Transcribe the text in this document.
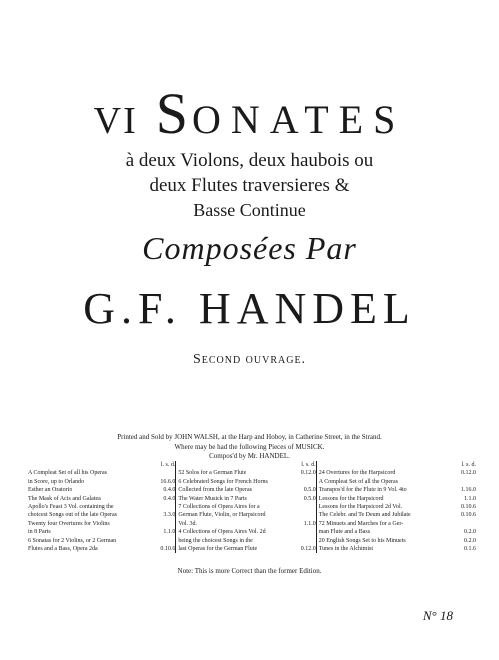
VI S ONATES
à deux Violons, deux haubois ou
deux Flutes traversieres &
Basse Continue
Composées Par
G.F. HANDEL
Second ouvrage.
Printed and Sold by JOHN WALSH, at the Harp and Hoboy, in Catherine Street, in the Strand.
Where may be had the following Pieces of MUSICK.
Compos'd by Mr. HANDEL.
l. s. d.
A Compleat Set of all his Operas
in Score, up to Orlando	16.6.0
Esther an Oratorio	0.4.0
The Mask of Acis and Galatea	0.4.0
Apollo's Feast 3 Vol. containing the
choicest Songs out of the late Operas	3.3.0
Twenty four Overtures for Violins
in 8 Parts	1.1.0
6 Sonatas for 2 Violins, or 2 German
Flutes and a Bass, Opera 2da	0.10.6
l. s. d.
52 Solos for a German Flute	0.12.0
6 Celebrated Songs for French Horns
Collected from the late Operas	0.5.0
The Water Musick in 7 Parts	0.5.0
7 Collections of Opera Aires for a
German Flute, Violin, or Harpsicord
Vol. 3d.	1.1.0
4 Collections of Opera Aires Vol. 2d
being the choicest Songs in the
last Operas for the German Flute	0.12.0
l. s. d.
24 Overtures for the Harpsicord	0.12.0
A Compleat Set of all the Operas
Transpos'd for the Flute in 9 Vol. 4to	1.16.0
Lessons for the Harpsicord	1.1.0
Lessons for the Harpsicord 2d Vol.	0.10.6
The Celebr. and Te Deum and Jubilate	0.10.6
72 Minuets and Marches for a Ger-
man Flute and a Bass	0.2.0
20 English Songs Set to his Minuets	0.2.0
Tunes in the Alchimist	0.1.6
Note: This is more Correct than the former Edition.
N° 18
